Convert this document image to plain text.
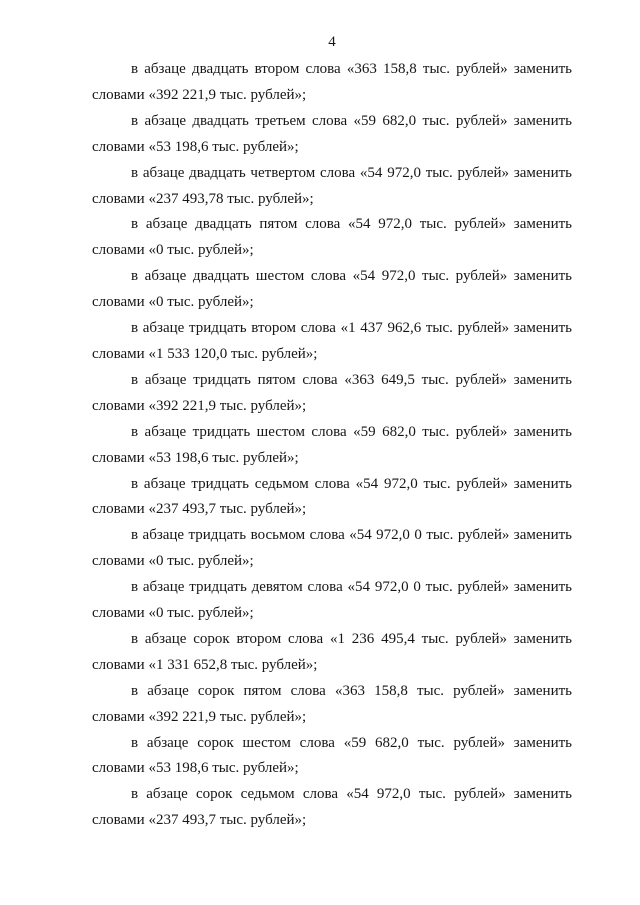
4

в абзаце двадцать втором слова «363 158,8 тыс. рублей» заменить
словами «392 221,9 тыс. рублей»;

в абзаце двадцать третьем слова «59 682,0 тыс. рублей» заменить
словами «53 198,6 тыс. рублей»;

в абзаце двадцать четвертом слова «54 972,0 тыс. рублей» заменить
словами «237 493,78 тыс. рублей»;

в абзаце двадцать пятом слова «54 972,0 тыс. рублей» заменить
словами «0 тыс. рублей»;

в абзаце двадцать шестом слова «54 972,0 тыс. рублей» заменить
словами «0 тыс. рублей»;

в абзаце тридцать втором слова «1 437 962,6 тыс. рублей» заменить
словами «1 533 120,0 тыс. рублей»;

в абзаце тридцать пятом слова «363 649,5 тыс. рублей» заменить
словами «392 221,9 тыс. рублей»;

в абзаце тридцать шестом слова «59 682,0 тыс. рублей» заменить
словами «53 198,6 тыс. рублей»;

в абзаце тридцать седьмом слова «54 972,0 тыс. рублей» заменить
словами «237 493,7 тыс. рублей»;

в абзаце тридцать восьмом слова «54 972,0 0 тыс. рублей» заменить
словами «0 тыс. рублей»;

в абзаце тридцать девятом слова «54 972,0 0 тыс. рублей» заменить
словами «0 тыс. рублей»;

в абзаце сорок втором слова «1 236 495,4 тыс. рублей» заменить
словами «1 331 652,8 тыс. рублей»;

в абзаце сорок пятом слова «363 158,8 тыс. рублей» заменить
словами «392 221,9 тыс. рублей»;

в абзаце сорок шестом слова «59 682,0 тыс. рублей» заменить
словами «53 198,6 тыс. рублей»;

в абзаце сорок седьмом слова «54 972,0 тыс. рублей» заменить
словами «237 493,7 тыс. рублей»;
